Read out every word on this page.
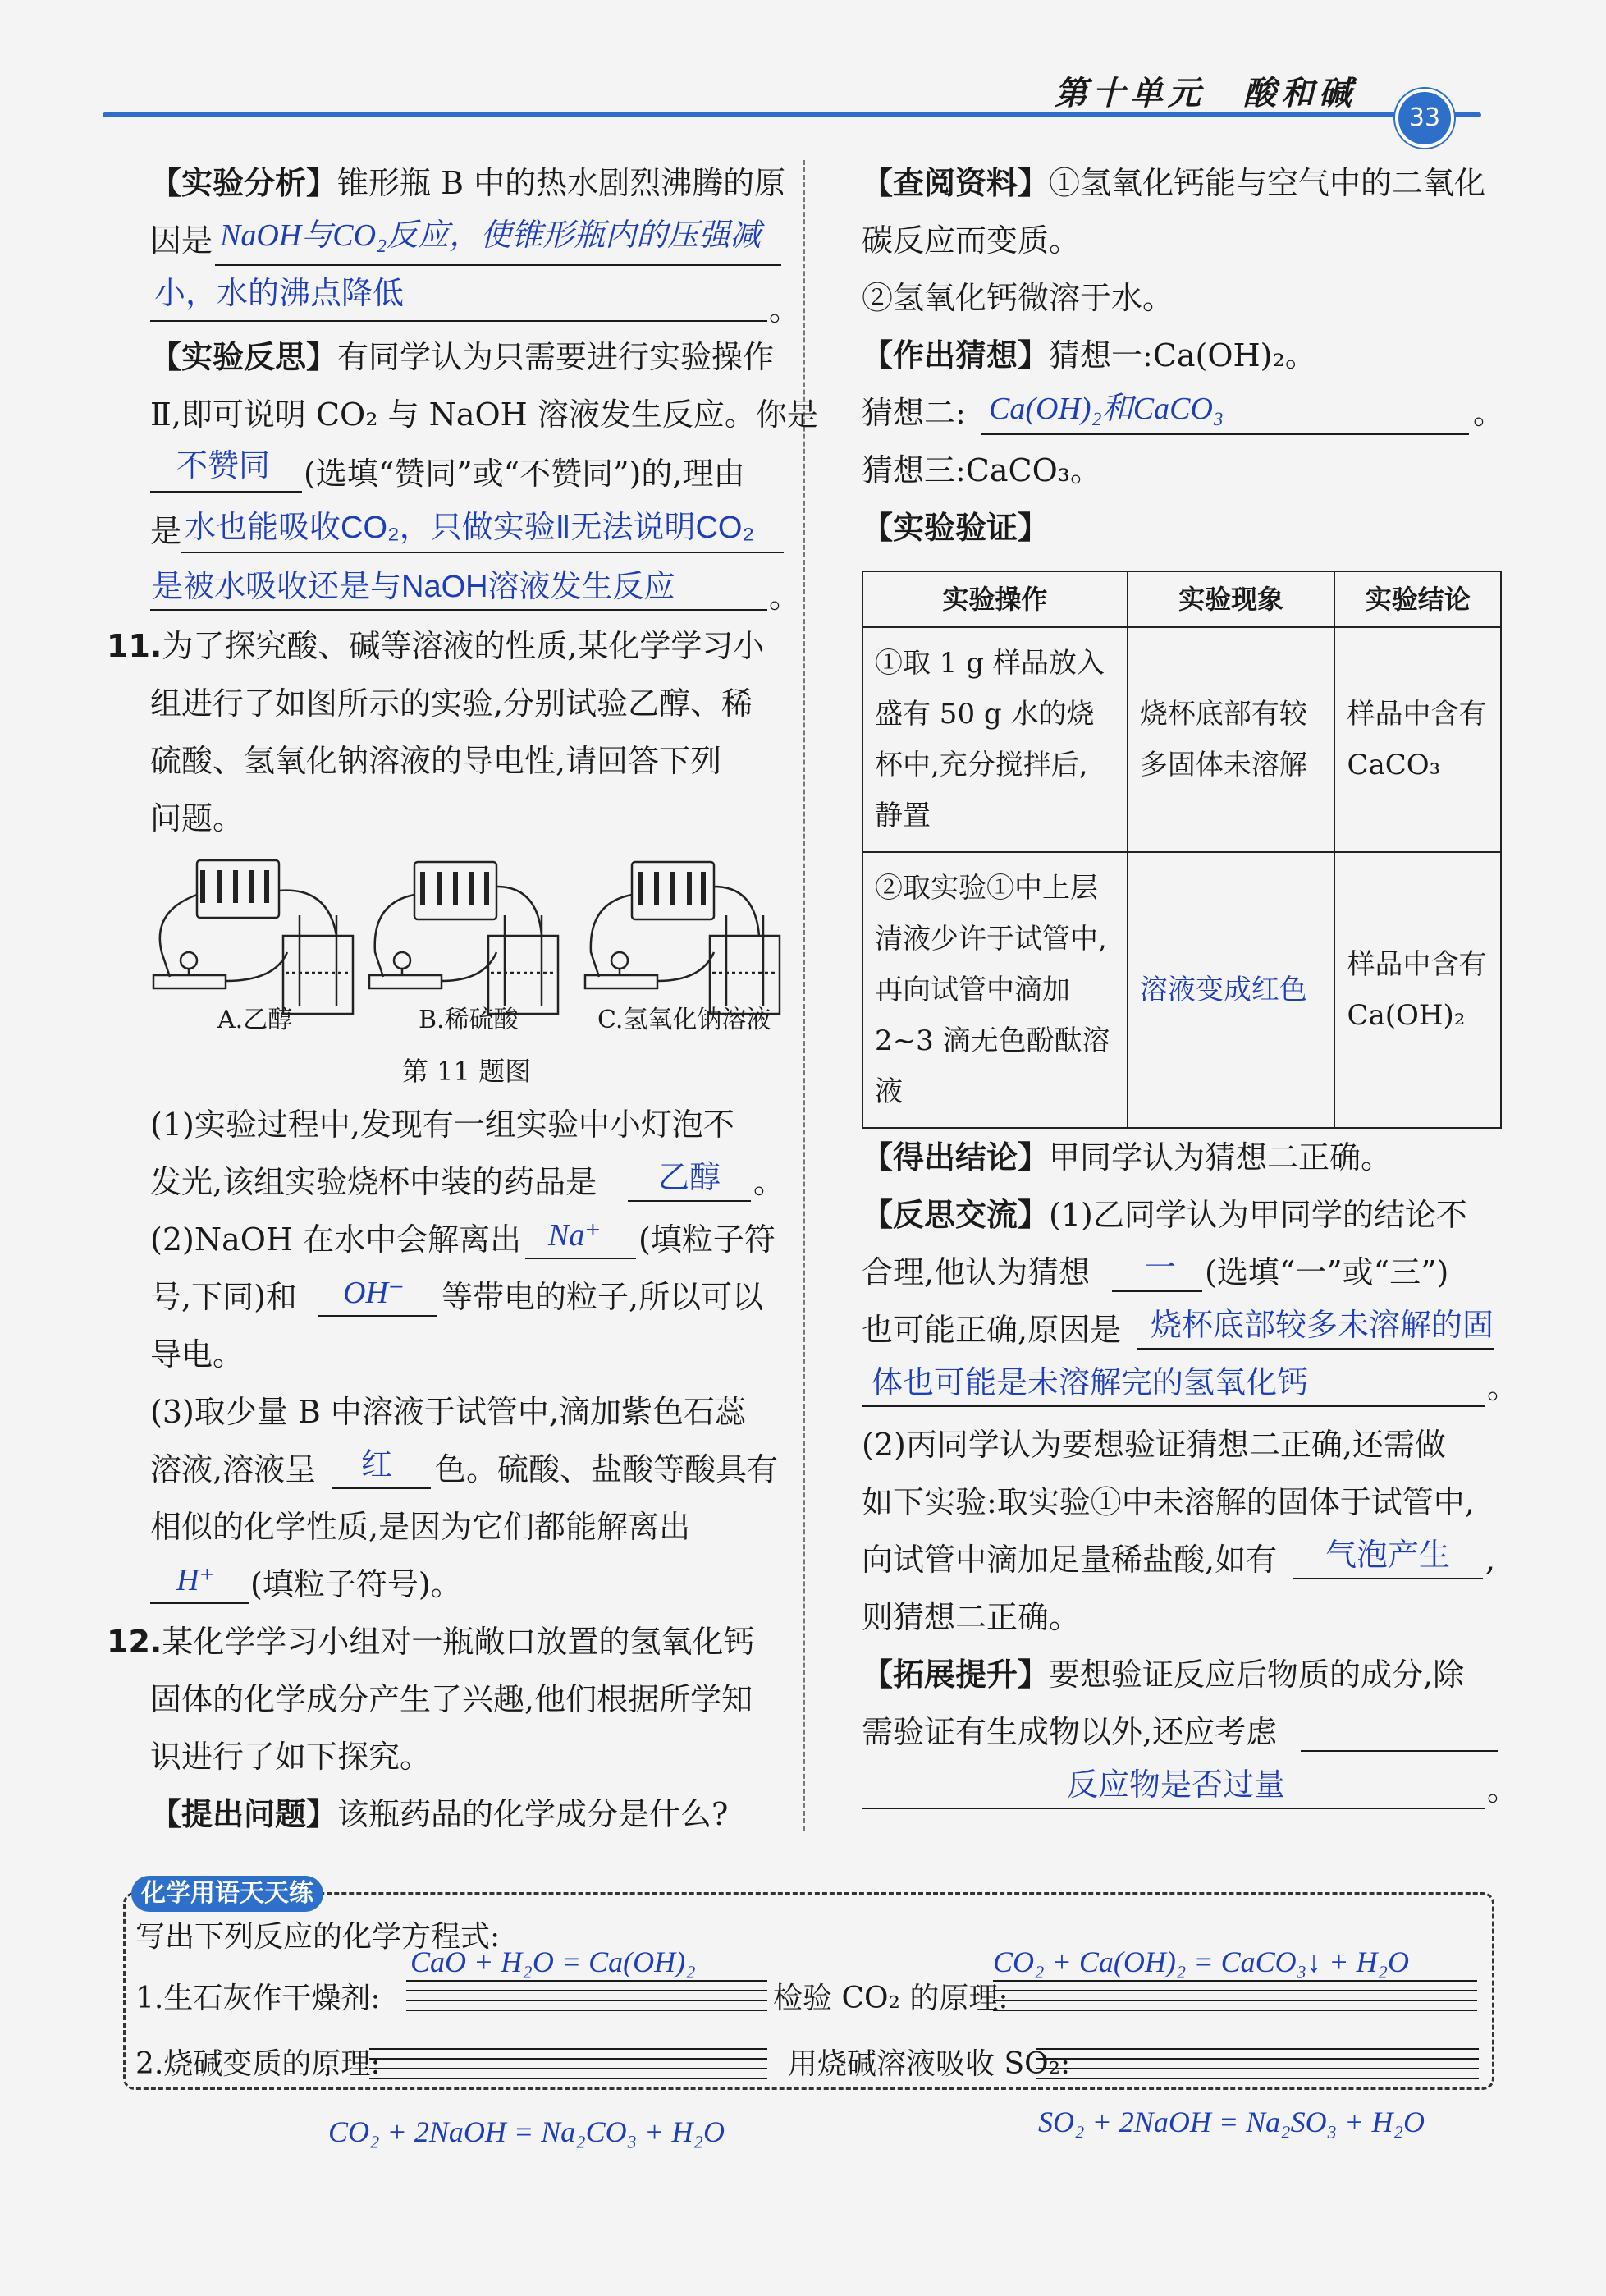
第十单元　酸和碱
33
【实验分析】锥形瓶 B 中的热水剧烈沸腾的原
因是 NaOH与CO₂反应，使锥形瓶内的压强减
小，水的沸点降低	。
【实验反思】有同学认为只需要进行实验操作
Ⅱ,即可说明 CO₂ 与 NaOH 溶液发生反应。你是
不赞同 (选填“赞同”或“不赞同”)的,理由
是 水也能吸收CO₂，只做实验Ⅱ无法说明CO₂
是被水吸收还是与NaOH溶液发生反应	。
11.为了探究酸、碱等溶液的性质,某化学学习小
组进行了如图所示的实验,分别试验乙醇、稀
硫酸、氢氧化钠溶液的导电性,请回答下列
问题。
A.乙醇	B.稀硫酸	C.氢氧化钠溶液
第 11 题图
(1)实验过程中,发现有一组实验中小灯泡不
发光,该组实验烧杯中装的药品是 乙醇 。
(2)NaOH 在水中会解离出 Na⁺ (填粒子符
号,下同)和 OH⁻ 等带电的粒子,所以可以
导电。
(3)取少量 B 中溶液于试管中,滴加紫色石蕊
溶液,溶液呈 红 色。硫酸、盐酸等酸具有
相似的化学性质,是因为它们都能解离出
H⁺ (填粒子符号)。
12.某化学学习小组对一瓶敞口放置的氢氧化钙
固体的化学成分产生了兴趣,他们根据所学知
识进行了如下探究。
【提出问题】该瓶药品的化学成分是什么?
【查阅资料】①氢氧化钙能与空气中的二氧化
碳反应而变质。
②氢氧化钙微溶于水。
【作出猜想】猜想一:Ca(OH)₂。
猜想二: Ca(OH)₂和CaCO₃	。
猜想三:CaCO₃。
【实验验证】
实验操作	实验现象	实验结论
①取 1 g 样品放入盛有 50 g 水的烧杯中,充分搅拌后,静置	烧杯底部有较多固体未溶解	样品中含有 CaCO₃
②取实验①中上层清液少许于试管中,再向试管中滴加 2~3 滴无色酚酞溶液	溶液变成红色	样品中含有 Ca(OH)₂
【得出结论】甲同学认为猜想二正确。
【反思交流】(1)乙同学认为甲同学的结论不
合理,他认为猜想 一 (选填“一”或“三”)
也可能正确,原因是 烧杯底部较多未溶解的固
体也可能是未溶解完的氢氧化钙	。
(2)丙同学认为要想验证猜想二正确,还需做
如下实验:取实验①中未溶解的固体于试管中,
向试管中滴加足量稀盐酸,如有 气泡产生 ,
则猜想二正确。
【拓展提升】要想验证反应后物质的成分,除
需验证有生成物以外,还应考虑
反应物是否过量	。
化学用语天天练
写出下列反应的化学方程式:
CaO + H₂O = Ca(OH)₂
1.生石灰作干燥剂:	检验 CO₂ 的原理:
CO₂ + Ca(OH)₂ = CaCO₃↓ + H₂O
2.烧碱变质的原理:	用烧碱溶液吸收 SO₂:
CO₂ + 2NaOH = Na₂CO₃ + H₂O	SO₂ + 2NaOH = Na₂SO₃ + H₂O
